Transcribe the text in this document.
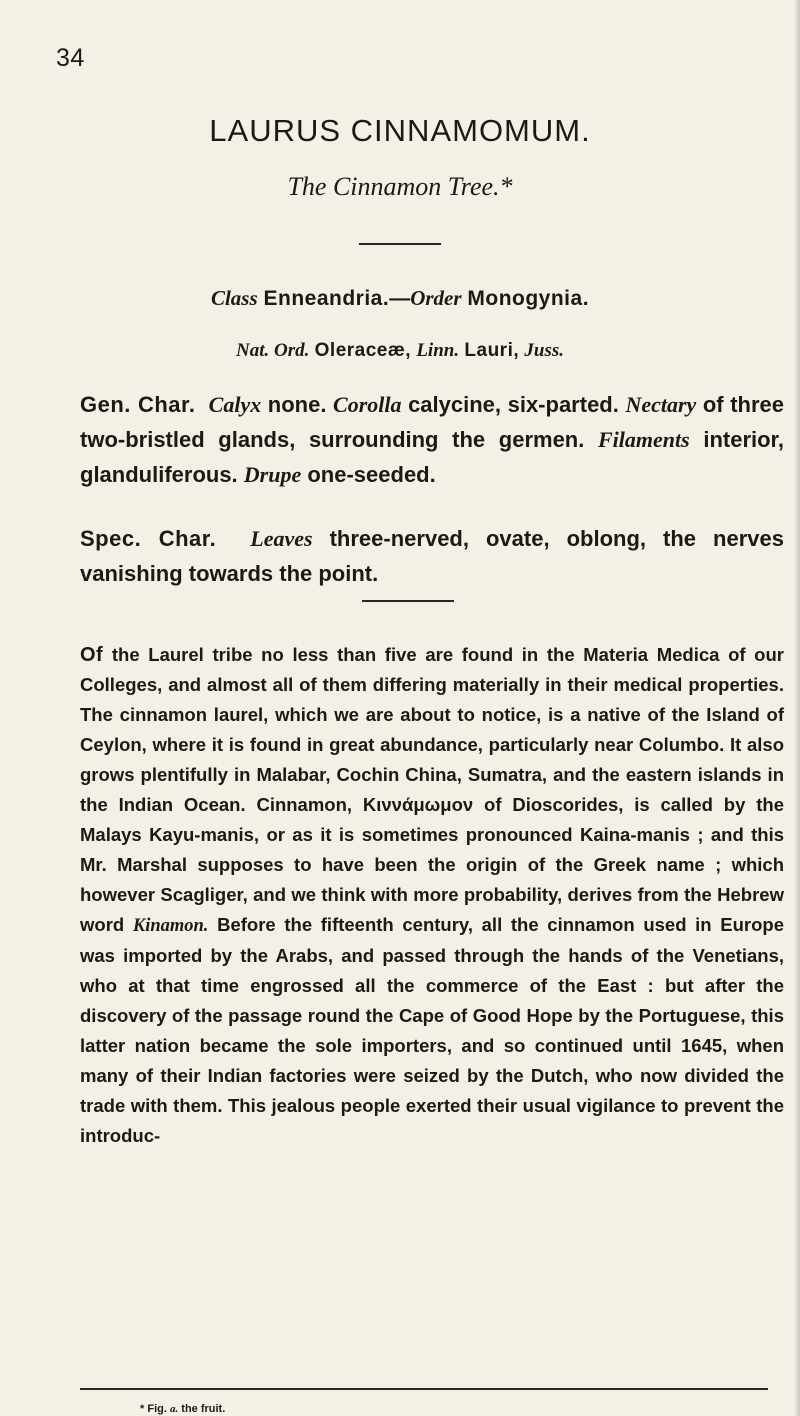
34
LAURUS CINNAMOMUM.
The Cinnamon Tree.*
Class Enneandria.—Order Monogynia.
Nat. Ord. Oleraceæ, Linn. Lauri, Juss.
Gen. Char. Calyx none. Corolla calycine, six-parted. Nectary of three two-bristled glands, surrounding the germen. Filaments interior, glanduliferous. Drupe one-seeded.
Spec. Char. Leaves three-nerved, ovate, oblong, the nerves vanishing towards the point.
Of the Laurel tribe no less than five are found in the Materia Medica of our Colleges, and almost all of them differing materially in their medical properties. The cinnamon laurel, which we are about to notice, is a native of the Island of Ceylon, where it is found in great abundance, particularly near Columbo. It also grows plentifully in Malabar, Cochin China, Sumatra, and the eastern islands in the Indian Ocean. Cinnamon, Κιννάμωμον of Dioscorides, is called by the Malays Kayu-manis, or as it is sometimes pronounced Kaina-manis ; and this Mr. Marshal supposes to have been the origin of the Greek name ; which however Scagliger, and we think with more probability, derives from the Hebrew word Kinamon. Before the fifteenth century, all the cinnamon used in Europe was imported by the Arabs, and passed through the hands of the Venetians, who at that time engrossed all the commerce of the East : but after the discovery of the passage round the Cape of Good Hope by the Portuguese, this latter nation became the sole importers, and so continued until 1645, when many of their Indian factories were seized by the Dutch, who now divided the trade with them. This jealous people exerted their usual vigilance to prevent the introduc-
* Fig. a. the fruit.
